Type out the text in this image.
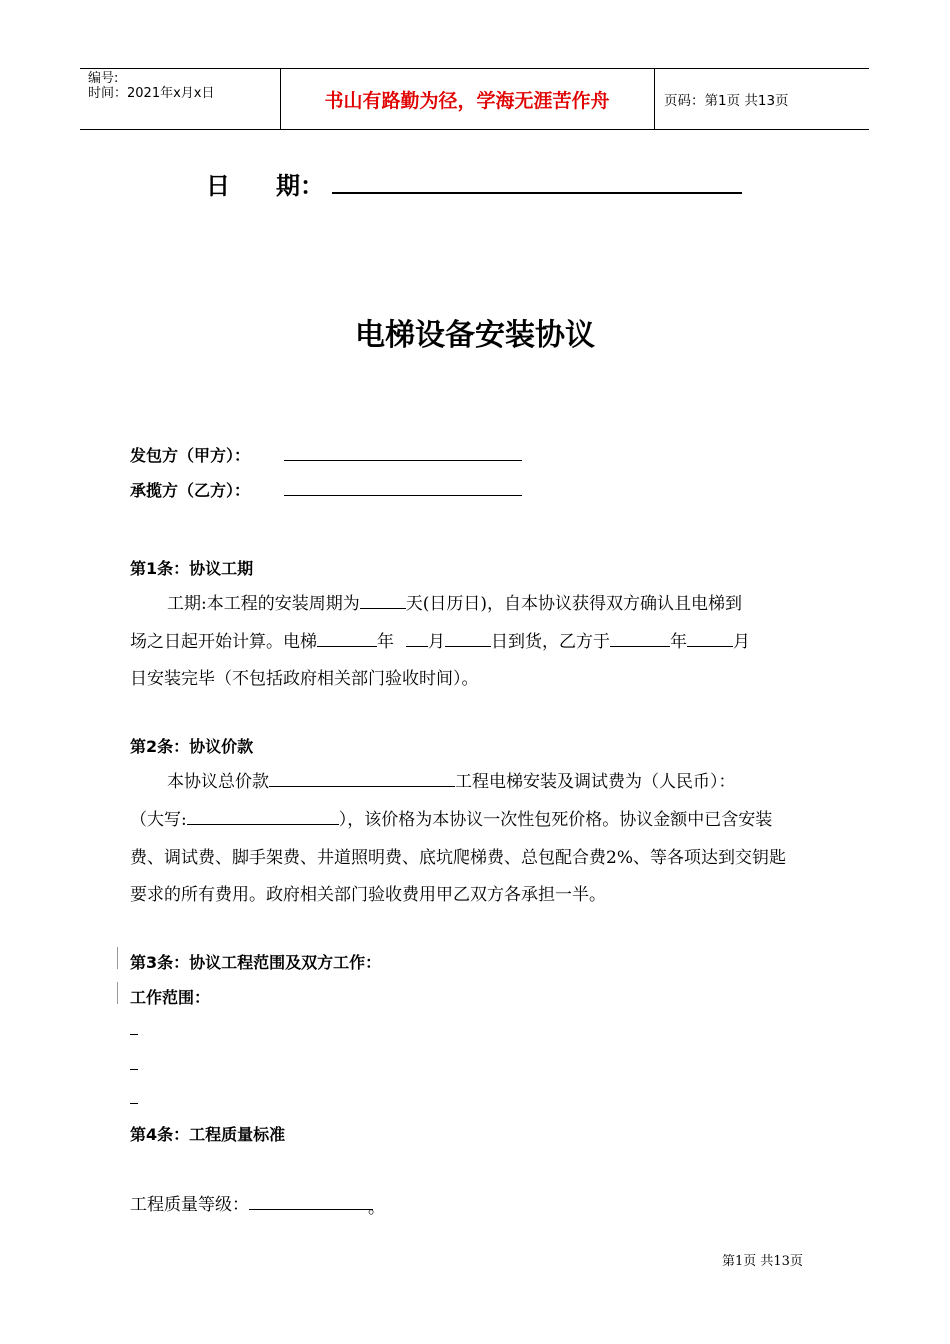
编号:
时间：2021年x月x日	书山有路勤为径，学海无涯苦作舟	页码：第1页 共13页
日 期：
电梯设备安装协议
发包方（甲方）：
承揽方（乙方）：
第1条：协议工期
工期:本工程的安装周期为	天(日历日)，自本协议获得双方确认且电梯到
场之日起开始计算。电梯	年 月	日到货，乙方于	年	月
日安装完毕（不包括政府相关部门验收时间）。
第2条：协议价款
本协议总价款	工程电梯安装及调试费为（人民币）：
（大写:	），该价格为本协议一次性包死价格。协议金额中已含安装
费、调试费、脚手架费、井道照明费、底坑爬梯费、总包配合费2%、等各项达到交钥匙
要求的所有费用。政府相关部门验收费用甲乙双方各承担一半。
第3条：协议工程范围及双方工作：
工作范围：
第4条：工程质量标准
工程质量等级：	。
第1页 共13页
